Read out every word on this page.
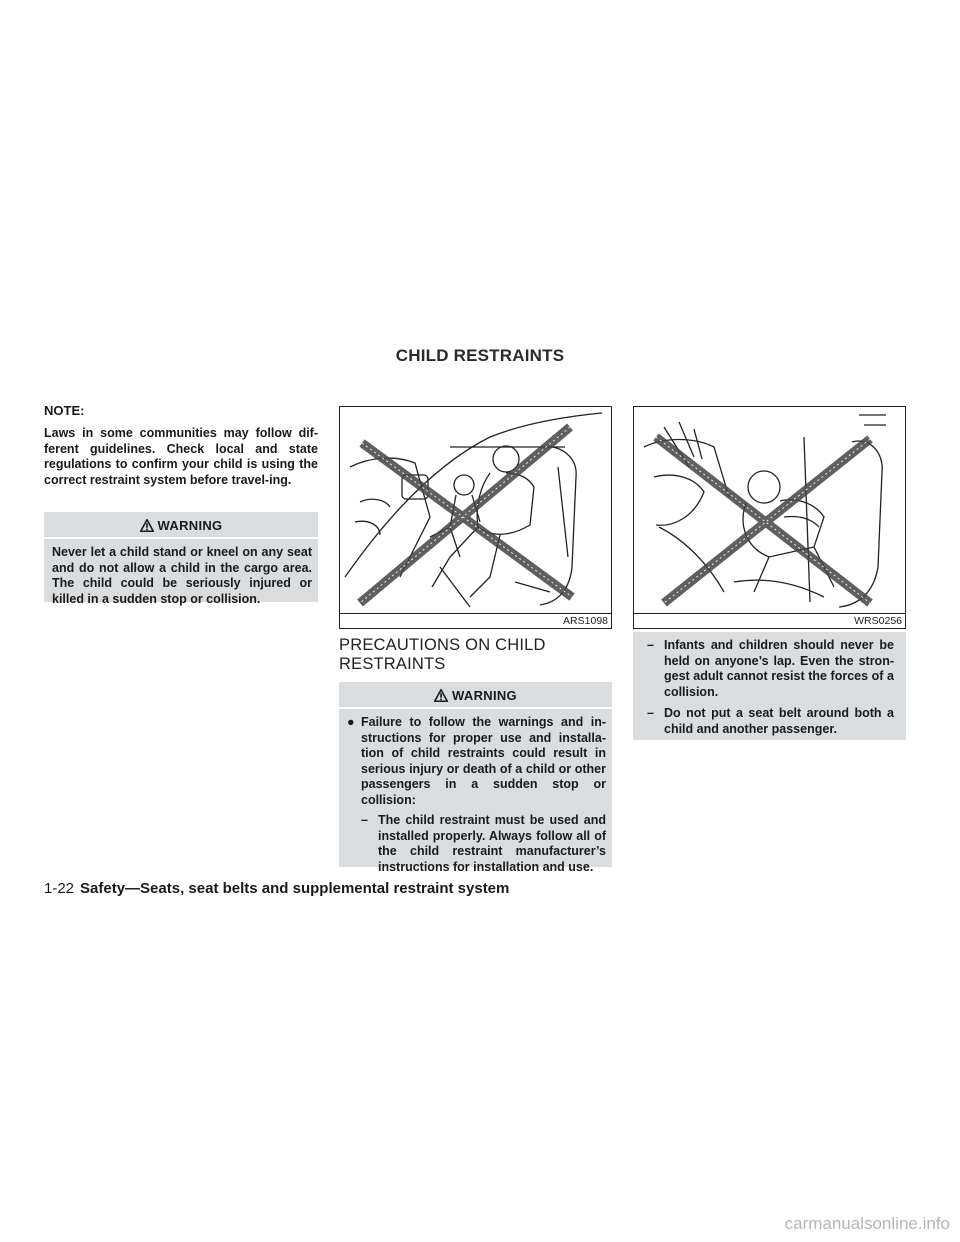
CHILD RESTRAINTS

NOTE:

Laws in some communities may follow dif-ferent guidelines. Check local and state regulations to confirm your child is using the correct restraint system before travel-ing.

WARNING

Never let a child stand or kneel on any seat and do not allow a child in the cargo area. The child could be seriously injured or killed in a sudden stop or collision.

ARS1098	WRS0256
PRECAUTIONS ON CHILD RESTRAINTS
WARNING
● Failure to follow the warnings and in-structions for proper use and installa-tion of child restraints could result in serious injury or death of a child or other passengers in a sudden stop or collision:
– The child restraint must be used and installed properly. Always follow all of the child restraint manufacturer’s instructions for installation and use.
– Infants and children should never be held on anyone’s lap. Even the stron-gest adult cannot resist the forces of a collision.
– Do not put a seat belt around both a child and another passenger.
1-22 Safety—Seats, seat belts and supplemental restraint system
carmanualsonline.info
